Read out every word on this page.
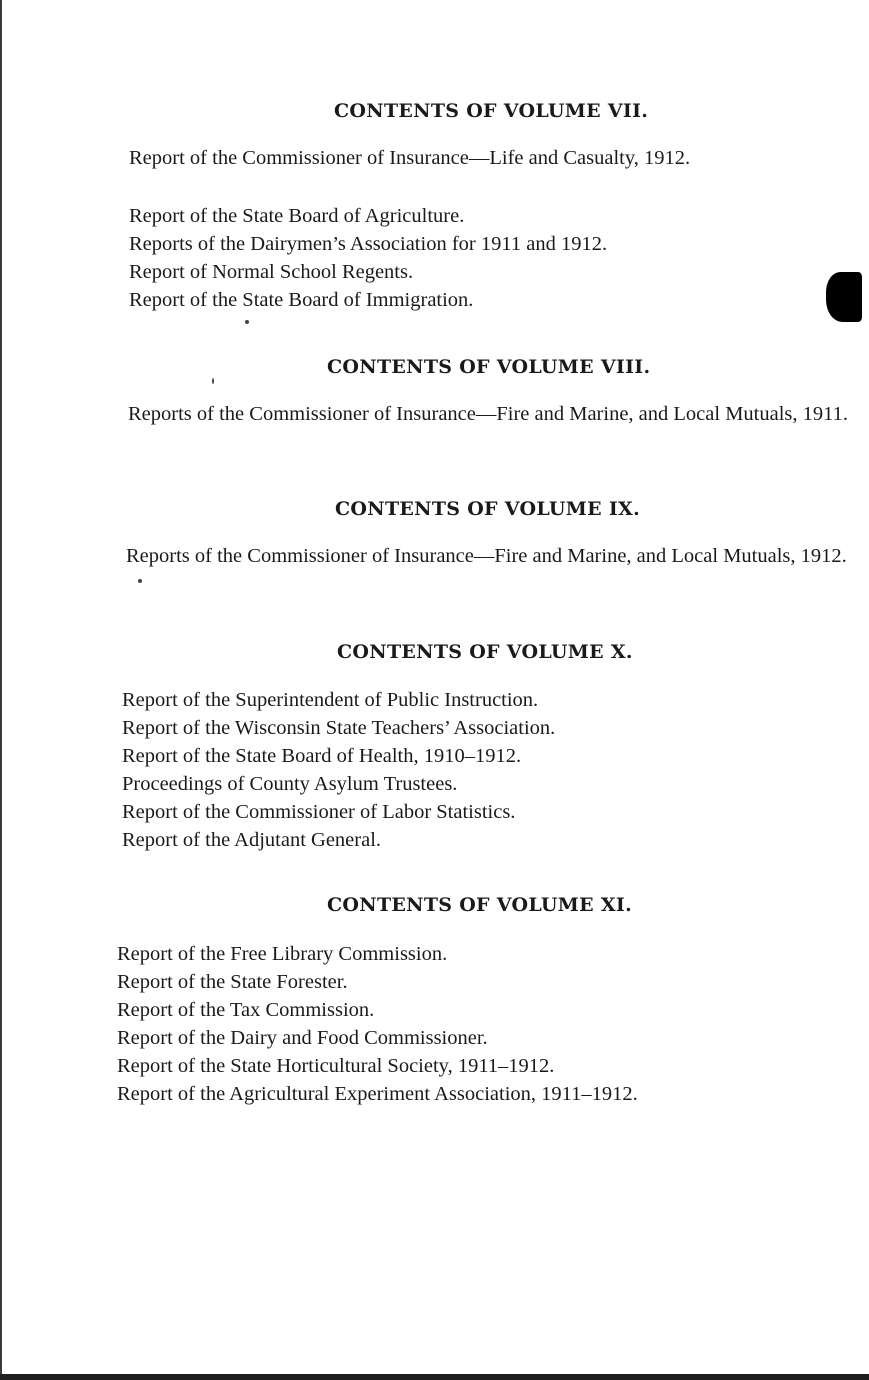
CONTENTS OF VOLUME VII.

Report of the Commissioner of Insurance—Life and Casualty, 1912.

Report of the State Board of Agriculture.

Reports of the Dairymen’s Association for 1911 and 1912.

Report of Normal School Regents.

Report of the State Board of Immigration.

CONTENTS OF VOLUME VIII.

Reports of the Commissioner of Insurance—Fire and Marine, and Local Mutuals, 1911.

CONTENTS OF VOLUME IX.

Reports of the Commissioner of Insurance—Fire and Marine, and Local Mutuals, 1912.

CONTENTS OF VOLUME X.

Report of the Superintendent of Public Instruction.

Report of the Wisconsin State Teachers’ Association.

Report of the State Board of Health, 1910–1912.

Proceedings of County Asylum Trustees.

Report of the Commissioner of Labor Statistics.

Report of the Adjutant General.

CONTENTS OF VOLUME XI.

Report of the Free Library Commission.

Report of the State Forester.

Report of the Tax Commission.

Report of the Dairy and Food Commissioner.

Report of the State Horticultural Society, 1911–1912.

Report of the Agricultural Experiment Association, 1911–1912.
